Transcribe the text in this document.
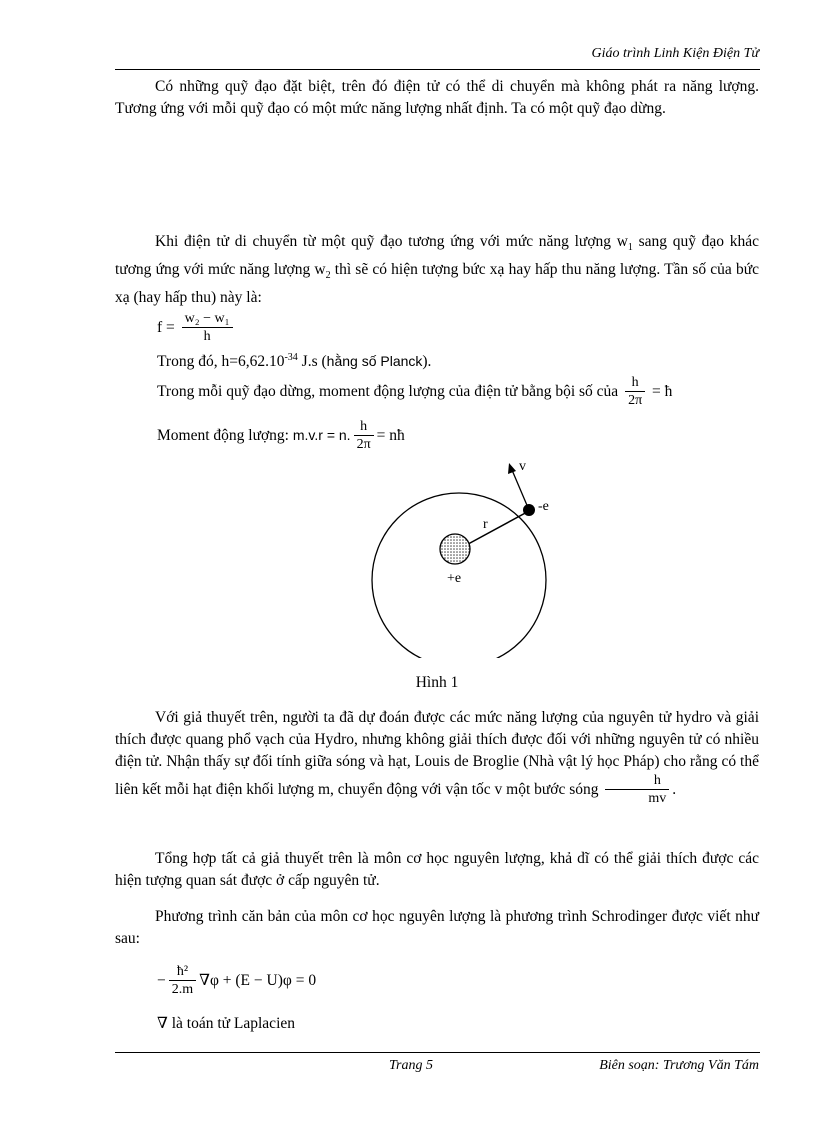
Giáo trình Linh Kiện Điện Tử
Có những quỹ đạo đặt biệt, trên đó điện tử có thể di chuyển mà không phát ra năng lượng. Tương ứng với mỗi quỹ đạo có một mức năng lượng nhất định. Ta có một quỹ đạo dừng.
Khi điện tử di chuyển từ một quỹ đạo tương ứng với mức năng lượng $w_1$ sang quỹ đạo khác tương ứng với mức năng lượng $w_2$ thì sẽ có hiện tượng bức xạ hay hấp thu năng lượng. Tần số của bức xạ (hay hấp thu) này là:
$f = \frac{\text{w₂ − w₁}}{h}$
Trong đó, $h=6,62.10^{-34}$ J.s (hằng số Planck).
Trong mỗi quỹ đạo dừng, moment động lượng của điện tử bằng bội số của $\frac{h}{2\pi}$ = ħ
Moment động lượng: m.v.r = n. $\frac{h}{2\pi}$ = nħ
v
-e
r
+e
Hình 1
Với giả thuyết trên, người ta đã dự đoán được các mức năng lượng của nguyên tử hydro và giải thích được quang phổ vạch của Hydro, nhưng không giải thích được đối với những nguyên tử có nhiều điện tử. Nhận thấy sự đối tính giữa sóng và hạt, Louis de Broglie (Nhà vật lý học Pháp) cho rằng có thể liên kết mỗi hạt điện khối lượng m, chuyển động với vận tốc v một bước sóng $\frac{h}{mv}$ .
Tổng hợp tất cả giả thuyết trên là môn cơ học nguyên lượng, khả dĩ có thể giải thích được các hiện tượng quan sát được ở cấp nguyên tử.
Phương trình căn bản của môn cơ học nguyên lượng là phương trình Schrodinger được viết như sau:
− $\frac{\text{ħ²}}{2.m} \nabla\varphi + (E - U)\varphi = 0$
∇ là toán tử Laplacien
Trang 5	Biên soạn: Trương Văn Tám
